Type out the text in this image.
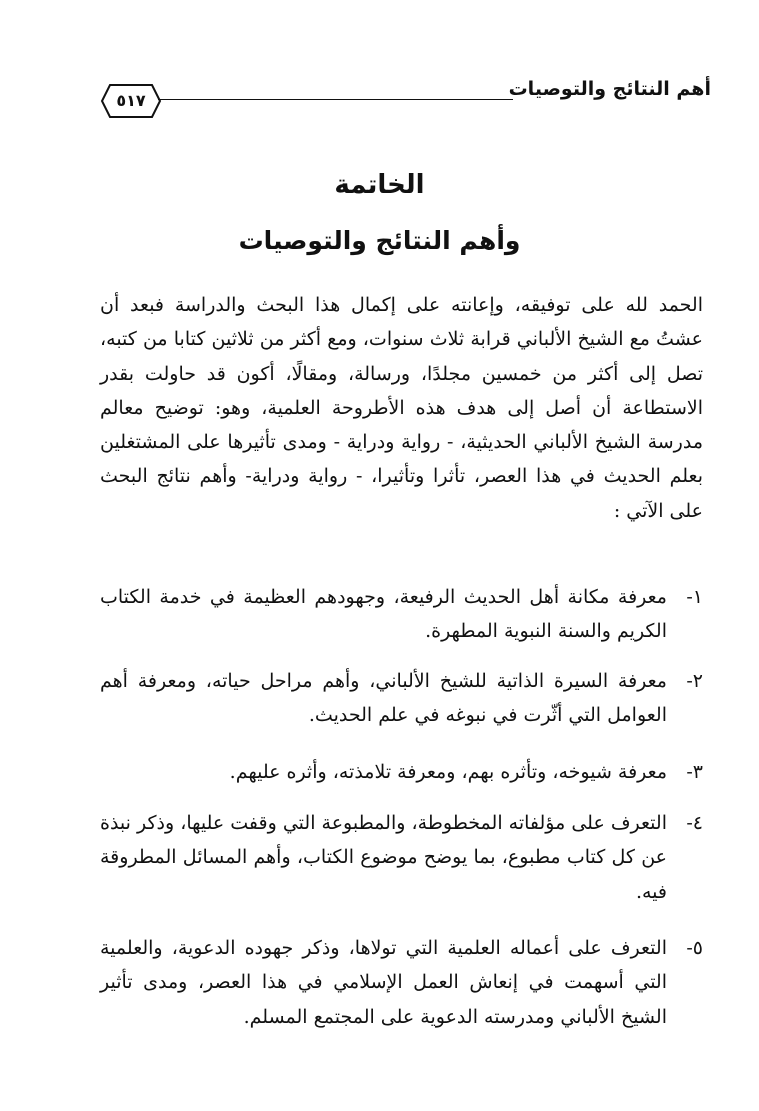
أهم النتائج والتوصيات
٥١٧
الخاتمة
وأهم النتائج والتوصيات
الحمد لله على توفيقه، وإعانته على إكمال هذا البحث والدراسة فبعد أن عشتُ مع الشيخ الألباني قرابة ثلاث سنوات، ومع أكثر من ثلاثين كتابا من كتبه، تصل إلى أكثر من خمسين مجلدًا، ورسالة، ومقالًا، أكون قد حاولت بقدر الاستطاعة أن أصل إلى هدف هذه الأطروحة العلمية، وهو: توضيح معالم مدرسة الشيخ الألباني الحديثية، - رواية ودراية - ومدى تأثيرها على المشتغلين بعلم الحديث في هذا العصر، تأثرا وتأثيرا، - رواية ودراية- وأهم نتائج البحث على الآتي :
١-
معرفة مكانة أهل الحديث الرفيعة، وجهودهم العظيمة في خدمة الكتاب الكريم والسنة النبوية المطهرة.
٢-
معرفة السيرة الذاتية للشيخ الألباني، وأهم مراحل حياته، ومعرفة أهم العوامل التي أثّرت في نبوغه في علم الحديث.
٣-
معرفة شيوخه، وتأثره بهم، ومعرفة تلامذته، وأثره عليهم.
٤-
التعرف على مؤلفاته المخطوطة، والمطبوعة التي وقفت عليها، وذكر نبذة عن كل كتاب مطبوع، بما يوضح موضوع الكتاب، وأهم المسائل المطروقة فيه.
٥-
التعرف على أعماله العلمية التي تولاها، وذكر جهوده الدعوية، والعلمية التي أسهمت في إنعاش العمل الإسلامي في هذا العصر، ومدى تأثير الشيخ الألباني ومدرسته الدعوية على المجتمع المسلم.
